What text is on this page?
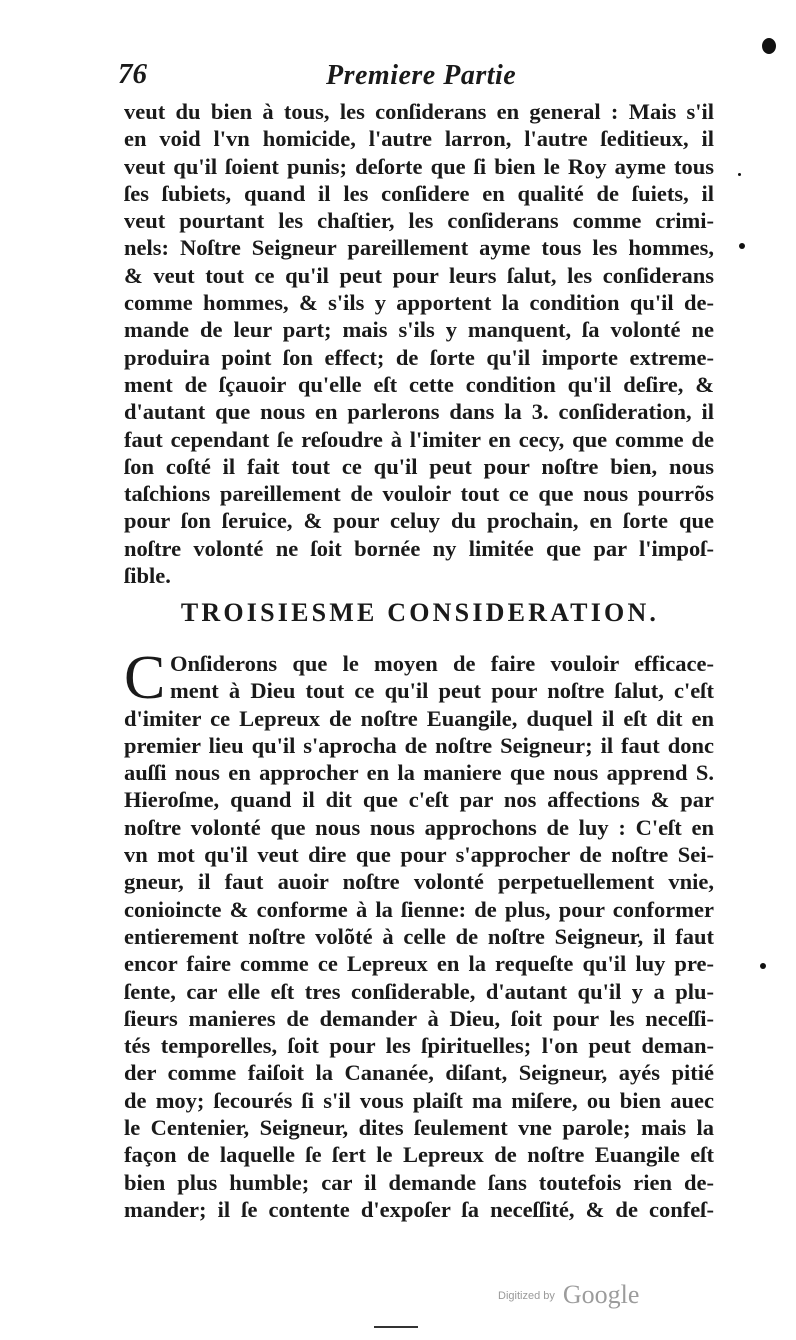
76	Premiere Partie
veut du bien à tous, les conſiderans en general : Mais s'il
en void l'vn homicide, l'autre larron, l'autre ſeditieux, il
veut qu'il ſoient punis; deſorte que ſi bien le Roy ayme tous
ſes ſubiets, quand il les conſidere en qualité de ſuiets, il
veut pourtant les chaſtier, les conſiderans comme crimi-
nels: Noſtre Seigneur pareillement ayme tous les hommes,
& veut tout ce qu'il peut pour leurs ſalut, les conſiderans
comme hommes, & s'ils y apportent la condition qu'il de-
mande de leur part; mais s'ils y manquent, ſa volonté ne
produira point ſon effect; de ſorte qu'il importe extreme-
ment de ſçauoir qu'elle eſt cette condition qu'il deſire, &
d'autant que nous en parlerons dans la 3. conſideration, il
faut cependant ſe reſoudre à l'imiter en cecy, que comme de
ſon coſté il fait tout ce qu'il peut pour noſtre bien, nous
taſchions pareillement de vouloir tout ce que nous pourrõs
pour ſon ſeruice, & pour celuy du prochain, en ſorte que
noſtre volonté ne ſoit bornée ny limitée que par l'impoſ-
ſible.
TROISIESME CONSIDERATION.
C Onſiderons que le moyen de faire vouloir efficace-
ment à Dieu tout ce qu'il peut pour noſtre ſalut, c'eſt
d'imiter ce Lepreux de noſtre Euangile, duquel il eſt dit en
premier lieu qu'il s'aprocha de noſtre Seigneur; il faut donc
auſſi nous en approcher en la maniere que nous apprend S.
Hieroſme, quand il dit que c'eſt par nos affections & par
noſtre volonté que nous nous approchons de luy : C'eſt en
vn mot qu'il veut dire que pour s'approcher de noſtre Sei-
gneur, il faut auoir noſtre volonté perpetuellement vnie,
conioincte & conforme à la ſienne: de plus, pour conformer
entierement noſtre volõté à celle de noſtre Seigneur, il faut
encor faire comme ce Lepreux en la requeſte qu'il luy pre-
ſente, car elle eſt tres conſiderable, d'autant qu'il y a plu-
ſieurs manieres de demander à Dieu, ſoit pour les neceſſi-
tés temporelles, ſoit pour les ſpirituelles; l'on peut deman-
der comme faiſoit la Cananée, diſant, Seigneur, ayés pitié
de moy; ſecourés ſi s'il vous plaiſt ma miſere, ou bien auec
le Centenier, Seigneur, dites ſeulement vne parole; mais la
façon de laquelle ſe ſert le Lepreux de noſtre Euangile eſt
bien plus humble; car il demande ſans toutefois rien de-
mander; il ſe contente d'expoſer ſa neceſſité, & de confeſ-
$^{Digitized by}$ Google
